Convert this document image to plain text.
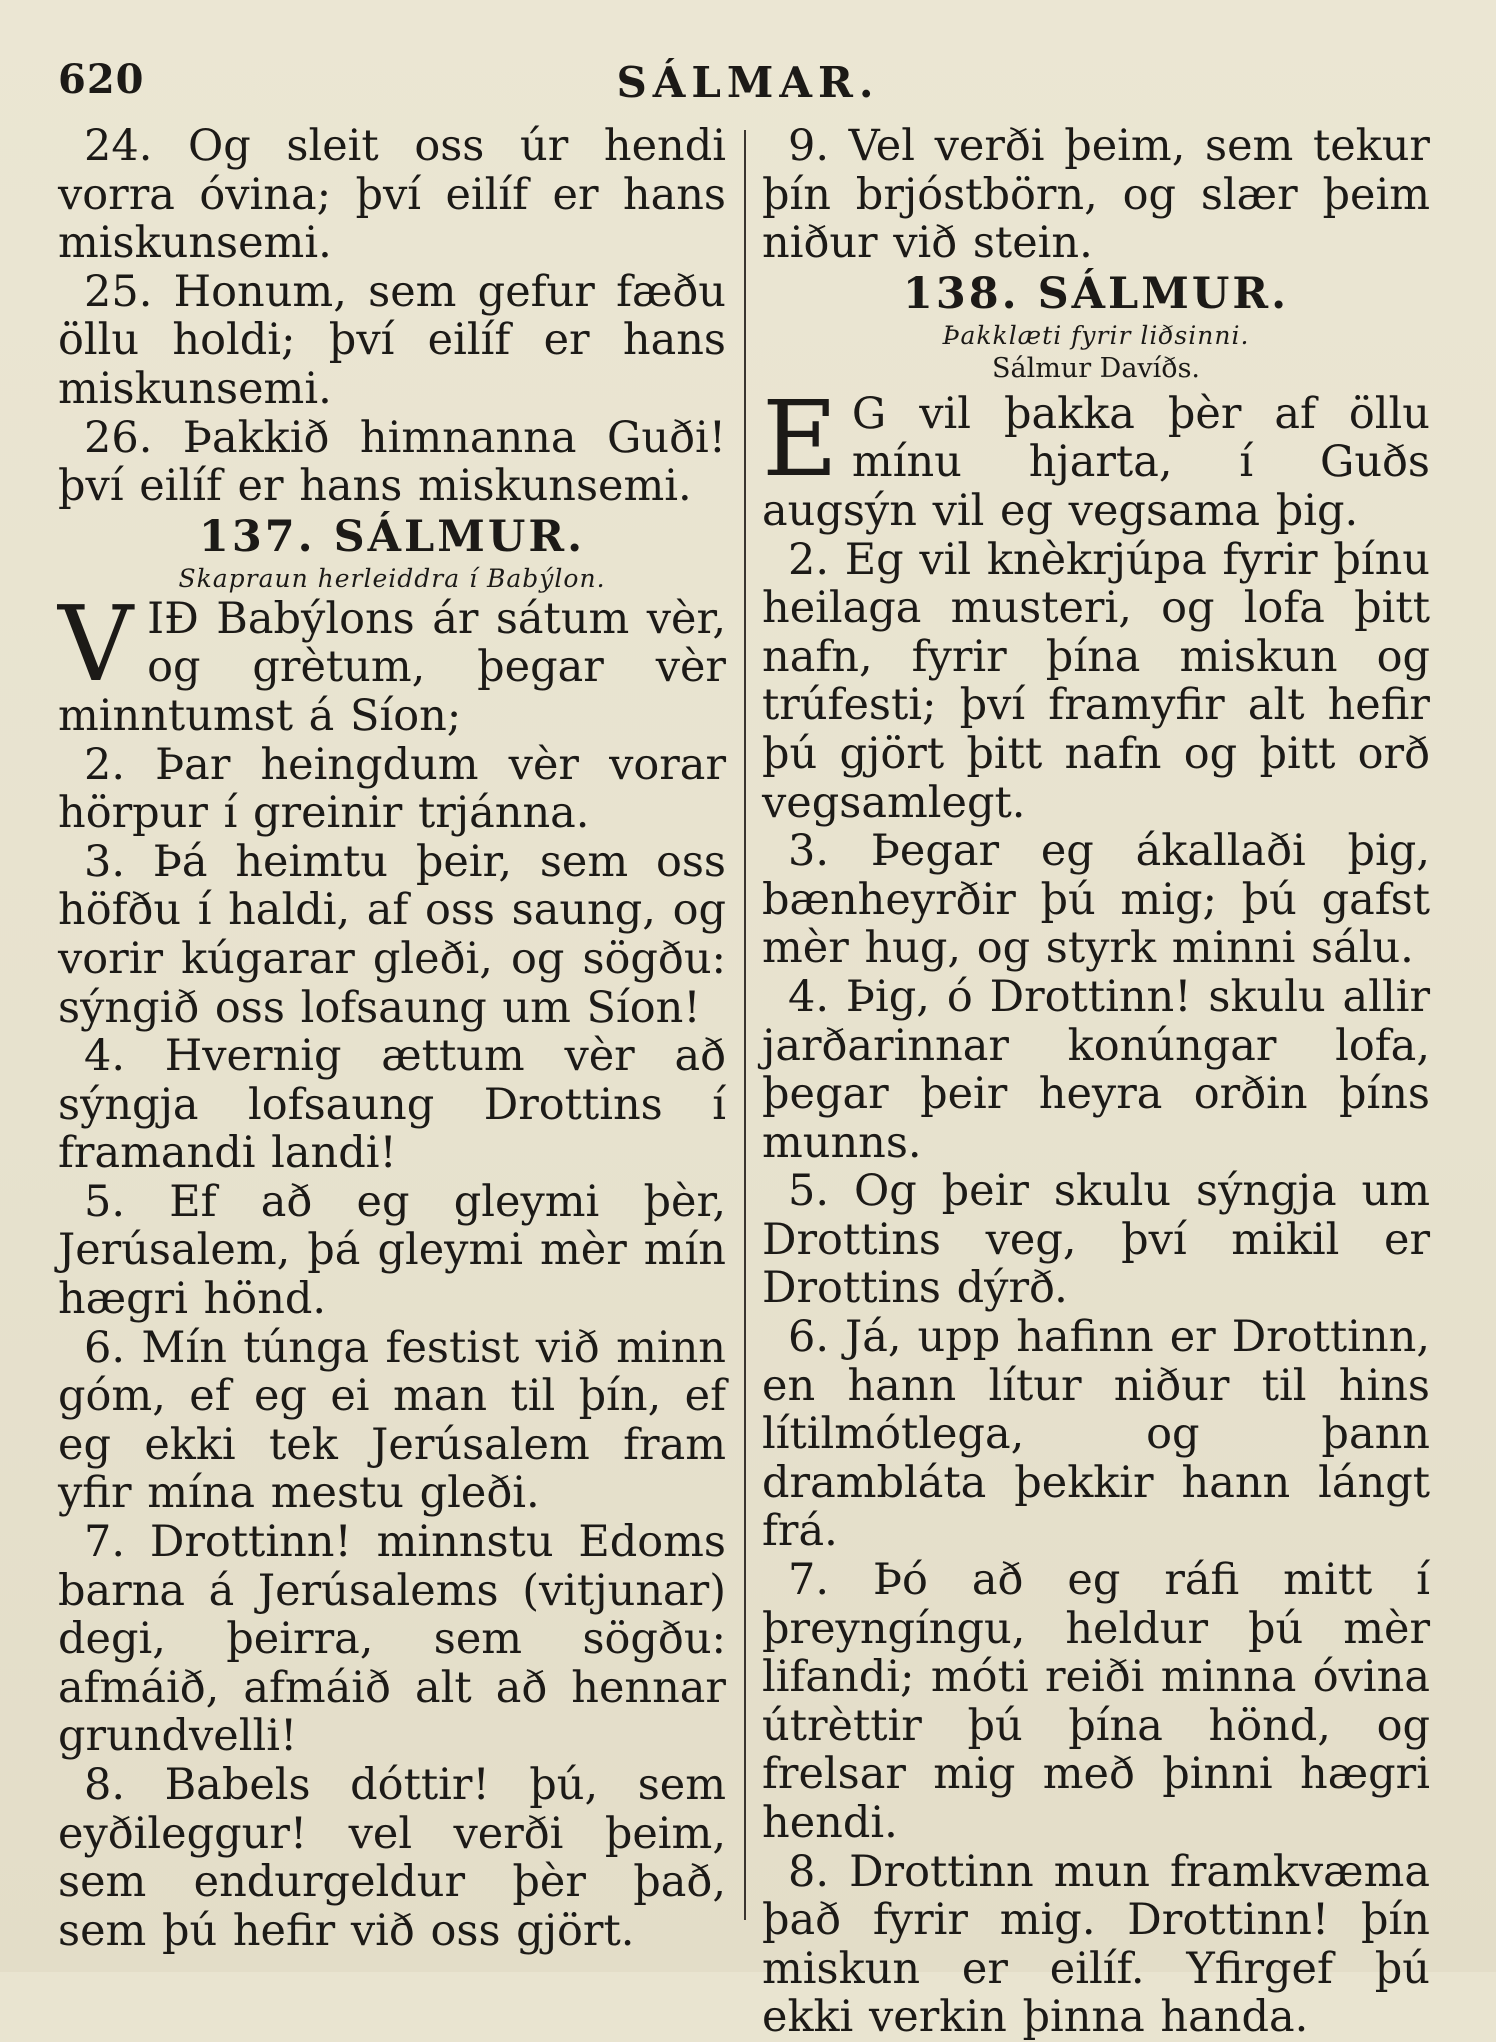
620	SÁLMAR.

24. Og sleit oss úr hendi vorra óvina; því eilíf er hans miskunsemi.

25. Honum, sem gefur fæðu öllu holdi; því eilíf er hans miskunsemi.

26. Þakkið himnanna Guði! því eilíf er hans miskunsemi.

137. SÁLMUR.

Skapraun herleiddra í Babýlon.

VIÐ Babýlons ár sátum vèr, og grètum, þegar vèr minntumst á Síon;

2. Þar heingdum vèr vorar hörpur í greinir trjánna.

3. Þá heimtu þeir, sem oss höfðu í haldi, af oss saung, og vorir kúgarar gleði, og sögðu: sýngið oss lofsaung um Síon!

4. Hvernig ættum vèr að sýngja lofsaung Drottins í framandi landi!

5. Ef að eg gleymi þèr, Jerúsalem, þá gleymi mèr mín hægri hönd.

6. Mín túnga festist við minn góm, ef eg ei man til þín, ef eg ekki tek Jerúsalem fram yfir mína mestu gleði.

7. Drottinn! minnstu Edoms barna á Jerúsalems (vitjunar) degi, þeirra, sem sögðu: afmáið, afmáið alt að hennar grundvelli!

8. Babels dóttir! þú, sem eyðileggur! vel verði þeim, sem endurgeldur þèr það, sem þú hefir við oss gjört.

9. Vel verði þeim, sem tekur þín brjóstbörn, og slær þeim niður við stein.

138. SÁLMUR.

Þakklæti fyrir liðsinni.

Sálmur Davíðs.

E G vil þakka þèr af öllu mínu hjarta, í Guðs augsýn vil eg vegsama þig.

2. Eg vil knèkrjúpa fyrir þínu heilaga musteri, og lofa þitt nafn, fyrir þína miskun og trúfesti; því framyfir alt hefir þú gjört þitt nafn og þitt orð vegsamlegt.

3. Þegar eg ákallaði þig, bænheyrðir þú mig; þú gafst mèr hug, og styrk minni sálu.

4. Þig, ó Drottinn! skulu allir jarðarinnar konúngar lofa, þegar þeir heyra orðin þíns munns.

5. Og þeir skulu sýngja um Drottins veg, því mikil er Drottins dýrð.

6. Já, upp hafinn er Drottinn, en hann lítur niður til hins lítilmótlega, og þann drambláta þekkir hann lángt frá.

7. Þó að eg ráfi mitt í þreyngíngu, heldur þú mèr lifandi; móti reiði minna óvina útrèttir þú þína hönd, og frelsar mig með þinni hægri hendi.

8. Drottinn mun framkvæma það fyrir mig. Drottinn! þín miskun er eilíf. Yfirgef þú ekki verkin þinna handa.
